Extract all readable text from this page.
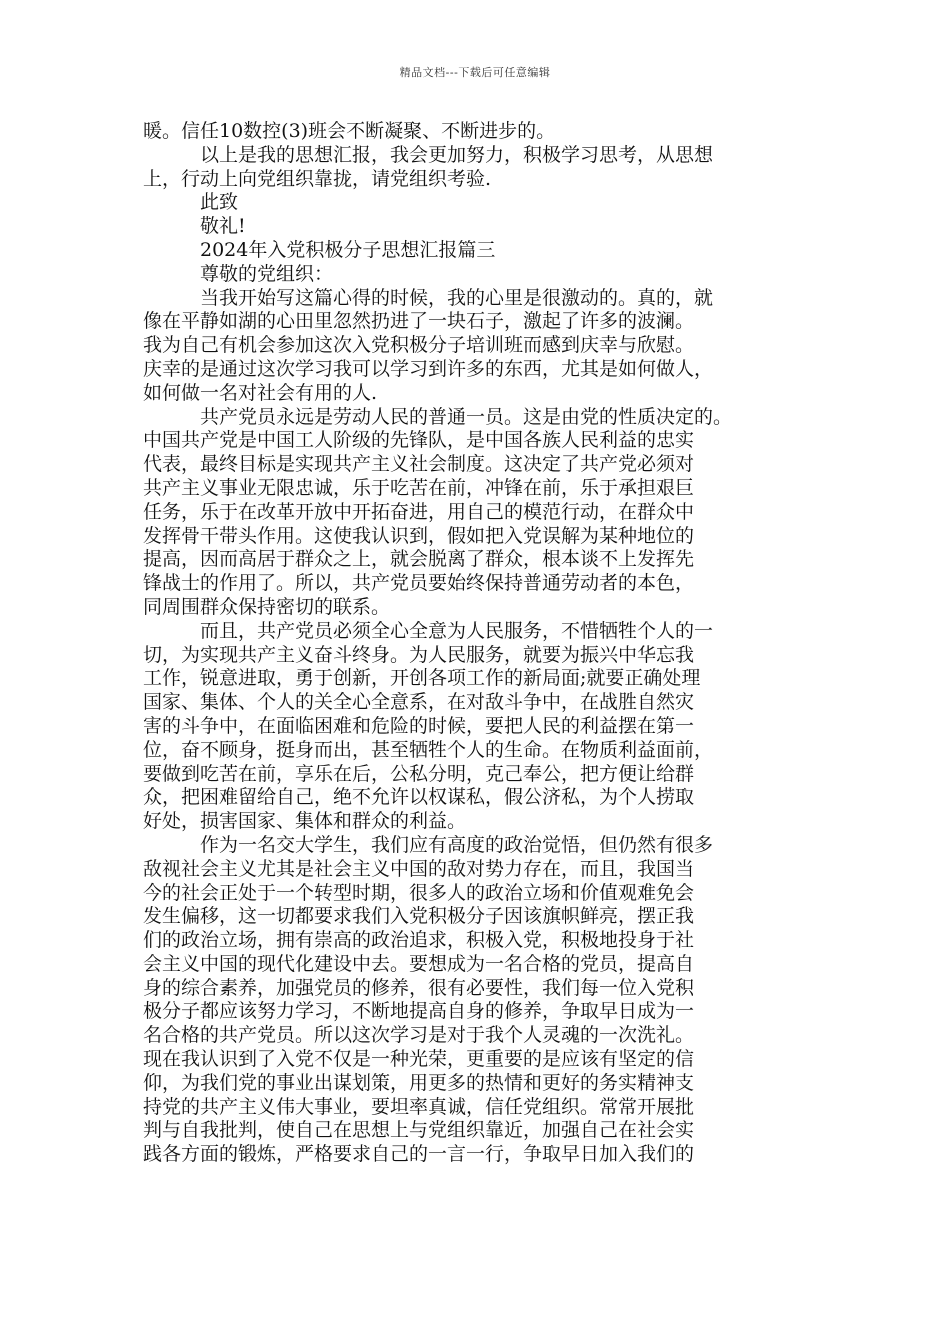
精品文档---下载后可任意编辑
暖。信任10数控(3)班会不断凝聚、不断进步的。
以上是我的思想汇报，我会更加努力，积极学习思考，从思想
上，行动上向党组织靠拢，请党组织考验.
此致
敬礼!
2024年入党积极分子思想汇报篇三
尊敬的党组织：
当我开始写这篇心得的时候，我的心里是很激动的。真的，就
像在平静如湖的心田里忽然扔进了一块石子，激起了许多的波澜。
我为自己有机会参加这次入党积极分子培训班而感到庆幸与欣慰。
庆幸的是通过这次学习我可以学习到许多的东西，尤其是如何做人，
如何做一名对社会有用的人.
共产党员永远是劳动人民的普通一员。这是由党的性质决定的。
中国共产党是中国工人阶级的先锋队，是中国各族人民利益的忠实
代表，最终目标是实现共产主义社会制度。这决定了共产党必须对
共产主义事业无限忠诚，乐于吃苦在前，冲锋在前，乐于承担艰巨
任务，乐于在改革开放中开拓奋进，用自己的模范行动，在群众中
发挥骨干带头作用。这使我认识到，假如把入党误解为某种地位的
提高，因而高居于群众之上，就会脱离了群众，根本谈不上发挥先
锋战士的作用了。所以，共产党员要始终保持普通劳动者的本色，
同周围群众保持密切的联系。
而且，共产党员必须全心全意为人民服务，不惜牺牲个人的一
切，为实现共产主义奋斗终身。为人民服务，就要为振兴中华忘我
工作，锐意进取，勇于创新，开创各项工作的新局面;就要正确处理
国家、集体、个人的关全心全意系，在对敌斗争中，在战胜自然灾
害的斗争中，在面临困难和危险的时候，要把人民的利益摆在第一
位，奋不顾身，挺身而出，甚至牺牲个人的生命。在物质利益面前，
要做到吃苦在前，享乐在后，公私分明，克己奉公，把方便让给群
众，把困难留给自己，绝不允许以权谋私，假公济私，为个人捞取
好处，损害国家、集体和群众的利益。
作为一名交大学生，我们应有高度的政治觉悟，但仍然有很多
敌视社会主义尤其是社会主义中国的敌对势力存在，而且，我国当
今的社会正处于一个转型时期，很多人的政治立场和价值观难免会
发生偏移，这一切都要求我们入党积极分子因该旗帜鲜亮，摆正我
们的政治立场，拥有崇高的政治追求，积极入党，积极地投身于社
会主义中国的现代化建设中去。要想成为一名合格的党员，提高自
身的综合素养，加强党员的修养，很有必要性，我们每一位入党积
极分子都应该努力学习，不断地提高自身的修养，争取早日成为一
名合格的共产党员。所以这次学习是对于我个人灵魂的一次洗礼。
现在我认识到了入党不仅是一种光荣，更重要的是应该有坚定的信
仰，为我们党的事业出谋划策，用更多的热情和更好的务实精神支
持党的共产主义伟大事业，要坦率真诚，信任党组织。常常开展批
判与自我批判，使自己在思想上与党组织靠近，加强自己在社会实
践各方面的锻炼，严格要求自己的一言一行，争取早日加入我们的
